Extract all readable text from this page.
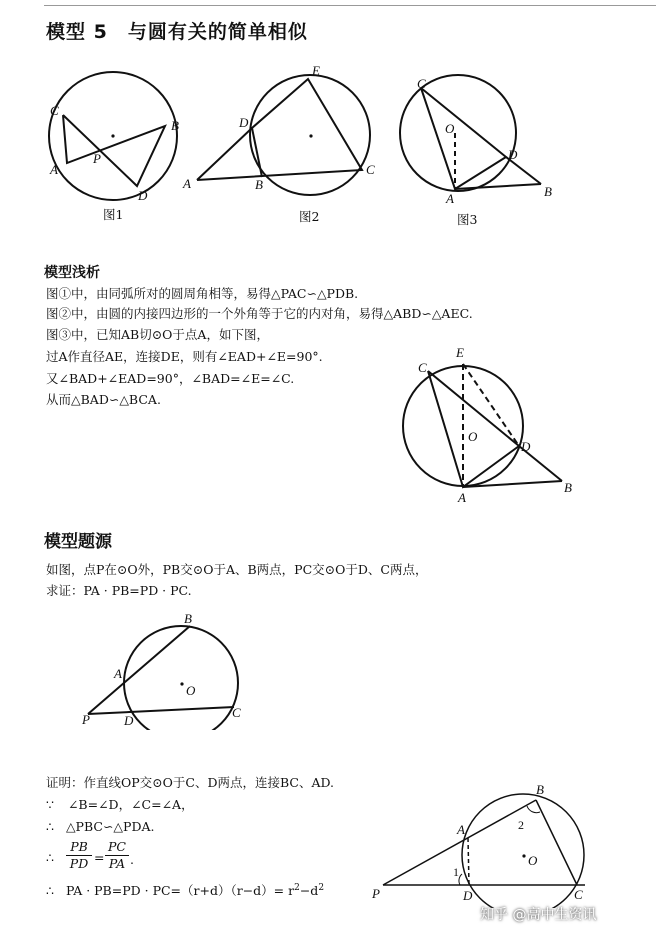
模型 5　与圆有关的简单相似
C
B
A
P
D
E
D
A	B
C
C
O
D
A	B
图1	图2	图3
模型浅析
图①中，由同弧所对的圆周角相等，易得△PAC∽△PDB.
图②中，由圆的内接四边形的一个外角等于它的内对角，易得△ABD∽△AEC.
图③中，已知AB切⊙O于点A，如下图，
过A作直径AE，连接DE，则有∠EAD+∠E=90°.
又∠BAD+∠EAD=90°，∠BAD=∠E=∠C.
从而△BAD∽△BCA.
E
C
O
D
A
B
模型题源
如图，点P在⊙O外，PB交⊙O于A、B两点，PC交⊙O于D、C两点，
求证：PA · PB=PD · PC.
B
A
O
P	D
C
证明：作直线OP交⊙O于C、D两点，连接BC、AD.
∵ ∠B=∠D，∠C=∠A，
∴ △PBC∽△PDA.
∴ $\frac{PB}{PD} = \frac{PC}{PA}$ .
∴ PA · $PB=PD \cdot PC=(r+d)(r-d)= r^2-d^2$
B
A
O
P	D	C
1
2
知乎 @高中生资讯
